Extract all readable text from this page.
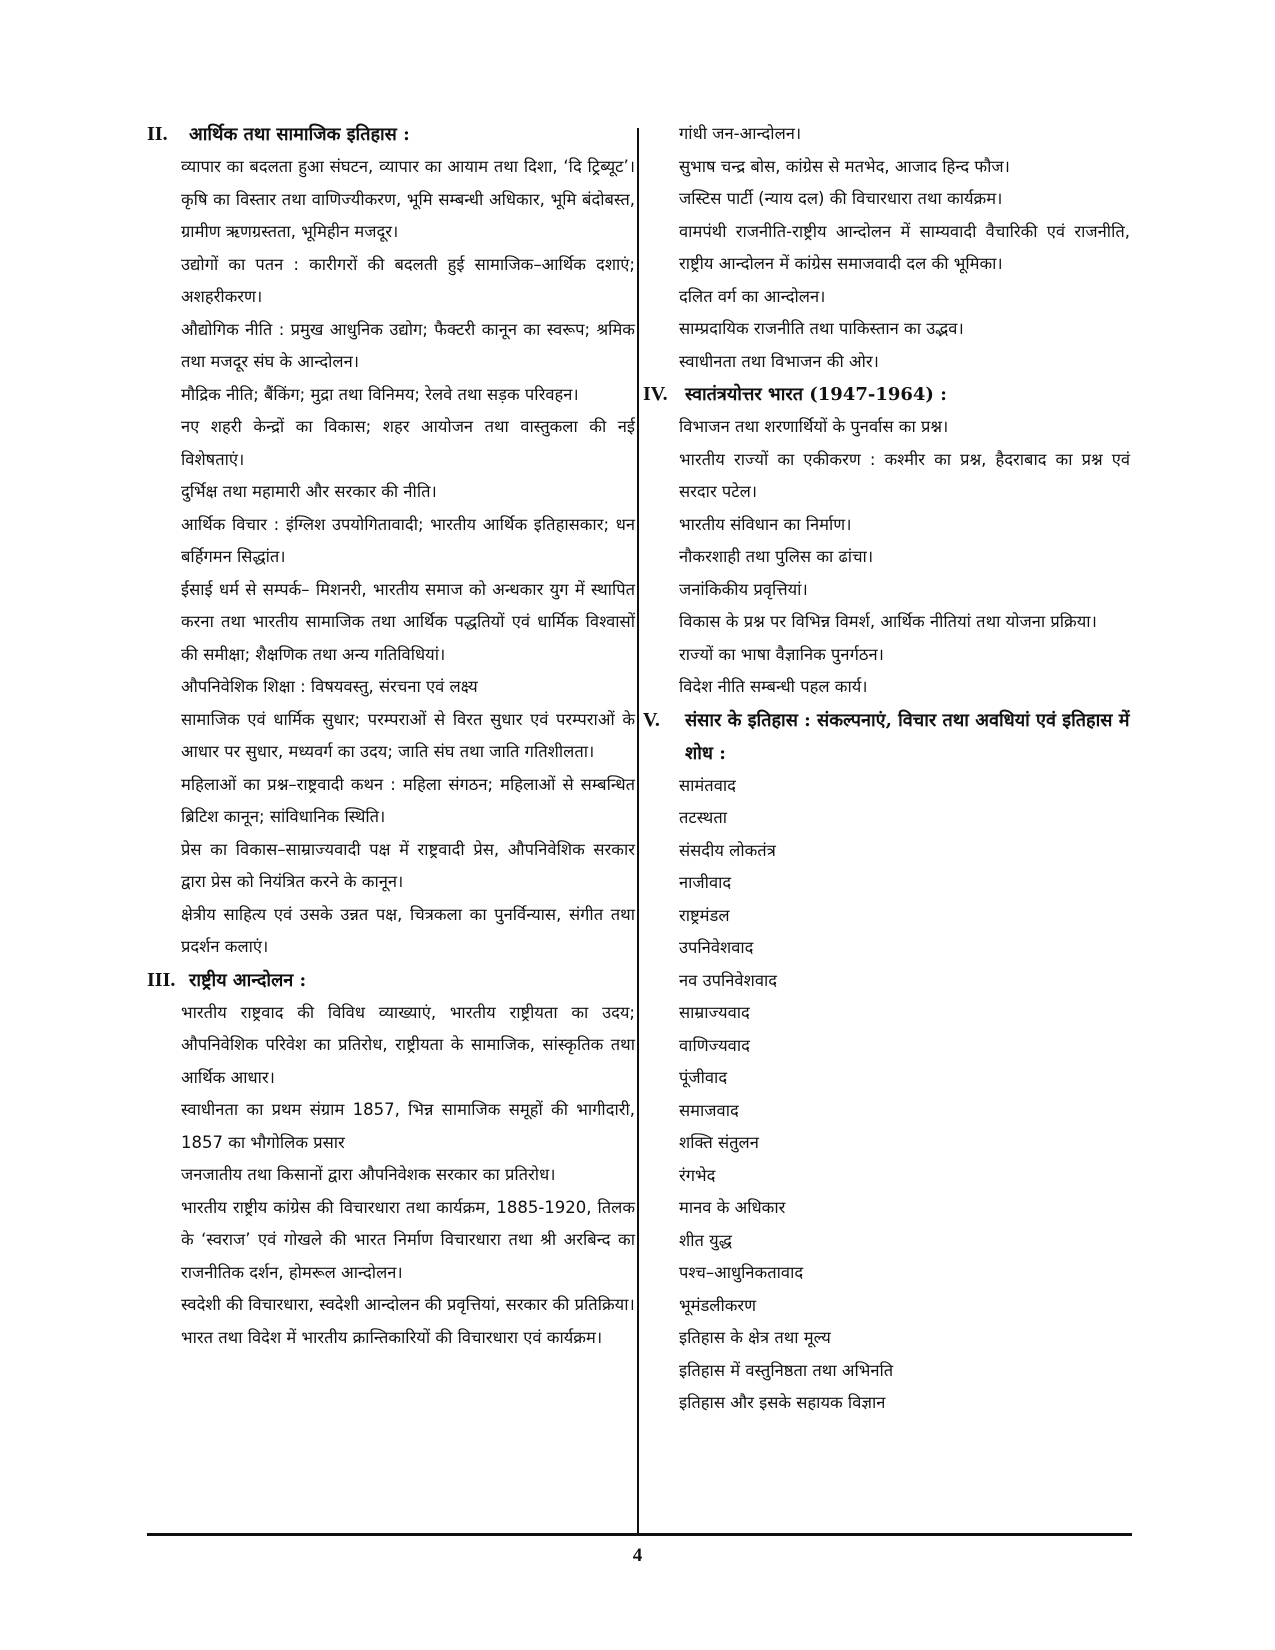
II.	आर्थिक तथा सामाजिक इतिहास :
व्यापार का बदलता हुआ संघटन, व्यापार का आयाम तथा दिशा, ‘दि ट्रिब्यूट’। कृषि का विस्तार तथा वाणिज्यीकरण, भूमि सम्बन्धी अधिकार, भूमि बंदोबस्त, ग्रामीण ऋणग्रस्तता, भूमिहीन मजदूर।
उद्योगों का पतन : कारीगरों की बदलती हुई सामाजिक–आर्थिक दशाएं; अशहरीकरण।
औद्योगिक नीति : प्रमुख आधुनिक उद्योग; फैक्टरी कानून का स्वरूप; श्रमिक तथा मजदूर संघ के आन्दोलन।
मौद्रिक नीति; बैंकिंग; मुद्रा तथा विनिमय; रेलवे तथा सड़क परिवहन।
नए शहरी केन्द्रों का विकास; शहर आयोजन तथा वास्तुकला की नई विशेषताएं।
दुर्भिक्ष तथा महामारी और सरकार की नीति।
आर्थिक विचार : इंग्लिश उपयोगितावादी; भारतीय आर्थिक इतिहासकार; धन बर्हिगमन सिद्धांत।
ईसाई धर्म से सम्पर्क– मिशनरी, भारतीय समाज को अन्धकार युग में स्थापित करना तथा भारतीय सामाजिक तथा आर्थिक पद्धतियों एवं धार्मिक विश्वासों की समीक्षा; शैक्षणिक तथा अन्य गतिविधियां।
औपनिवेशिक शिक्षा : विषयवस्तु, संरचना एवं लक्ष्य
सामाजिक एवं धार्मिक सुधार; परम्पराओं से विरत सुधार एवं परम्पराओं के आधार पर सुधार, मध्यवर्ग का उदय; जाति संघ तथा जाति गतिशीलता।
महिलाओं का प्रश्न–राष्ट्रवादी कथन : महिला संगठन; महिलाओं से सम्बन्धित ब्रिटिश कानून; सांविधानिक स्थिति।
प्रेस का विकास–साम्राज्यवादी पक्ष में राष्ट्रवादी प्रेस, औपनिवेशिक सरकार द्वारा प्रेस को नियंत्रित करने के कानून।
क्षेत्रीय साहित्य एवं उसके उन्नत पक्ष, चित्रकला का पुनर्विन्यास, संगीत तथा प्रदर्शन कलाएं।
III. राष्ट्रीय आन्दोलन :
भारतीय राष्ट्रवाद की विविध व्याख्याएं, भारतीय राष्ट्रीयता का उदय; औपनिवेशिक परिवेश का प्रतिरोध, राष्ट्रीयता के सामाजिक, सांस्कृतिक तथा आर्थिक आधार।
स्वाधीनता का प्रथम संग्राम 1857, भिन्न सामाजिक समूहों की भागीदारी, 1857 का भौगोलिक प्रसार
जनजातीय तथा किसानों द्वारा औपनिवेशक सरकार का प्रतिरोध।
भारतीय राष्ट्रीय कांग्रेस की विचारधारा तथा कार्यक्रम, 1885-1920, तिलक के ‘स्वराज’ एवं गोखले की भारत निर्माण विचारधारा तथा श्री अरबिन्द का राजनीतिक दर्शन, होमरूल आन्दोलन।
स्वदेशी की विचारधारा, स्वदेशी आन्दोलन की प्रवृत्तियां, सरकार की प्रतिक्रिया।
भारत तथा विदेश में भारतीय क्रान्तिकारियों की विचारधारा एवं कार्यक्रम।
गांधी जन-आन्दोलन।
सुभाष चन्द्र बोस, कांग्रेस से मतभेद, आजाद हिन्द फौज।
जस्टिस पार्टी (न्याय दल) की विचारधारा तथा कार्यक्रम।
वामपंथी राजनीति-राष्ट्रीय आन्दोलन में साम्यवादी वैचारिकी एवं राजनीति, राष्ट्रीय आन्दोलन में कांग्रेस समाजवादी दल की भूमिका।
दलित वर्ग का आन्दोलन।
साम्प्रदायिक राजनीति तथा पाकिस्तान का उद्भव।
स्वाधीनता तथा विभाजन की ओर।
IV. स्वातंत्रयोत्तर भारत (1947-1964) :
विभाजन तथा शरणार्थियों के पुनर्वास का प्रश्न।
भारतीय राज्यों का एकीकरण : कश्मीर का प्रश्न, हैदराबाद का प्रश्न एवं सरदार पटेल।
भारतीय संविधान का निर्माण।
नौकरशाही तथा पुलिस का ढांचा।
जनांकिकीय प्रवृत्तियां।
विकास के प्रश्न पर विभिन्न विमर्श, आर्थिक नीतियां तथा योजना प्रक्रिया।
राज्यों का भाषा वैज्ञानिक पुनर्गठन।
विदेश नीति सम्बन्धी पहल कार्य।
V.	संसार के इतिहास : संकल्पनाएं, विचार तथा अवधियां एवं इतिहास में शोध :
सामंतवाद
तटस्थता
संसदीय लोकतंत्र
नाजीवाद
राष्ट्रमंडल
उपनिवेशवाद
नव उपनिवेशवाद
साम्राज्यवाद
वाणिज्यवाद
पूंजीवाद
समाजवाद
शक्ति संतुलन
रंगभेद
मानव के अधिकार
शीत युद्ध
पश्च–आधुनिकतावाद
भूमंडलीकरण
इतिहास के क्षेत्र तथा मूल्य
इतिहास में वस्तुनिष्ठता तथा अभिनति
इतिहास और इसके सहायक विज्ञान
4
